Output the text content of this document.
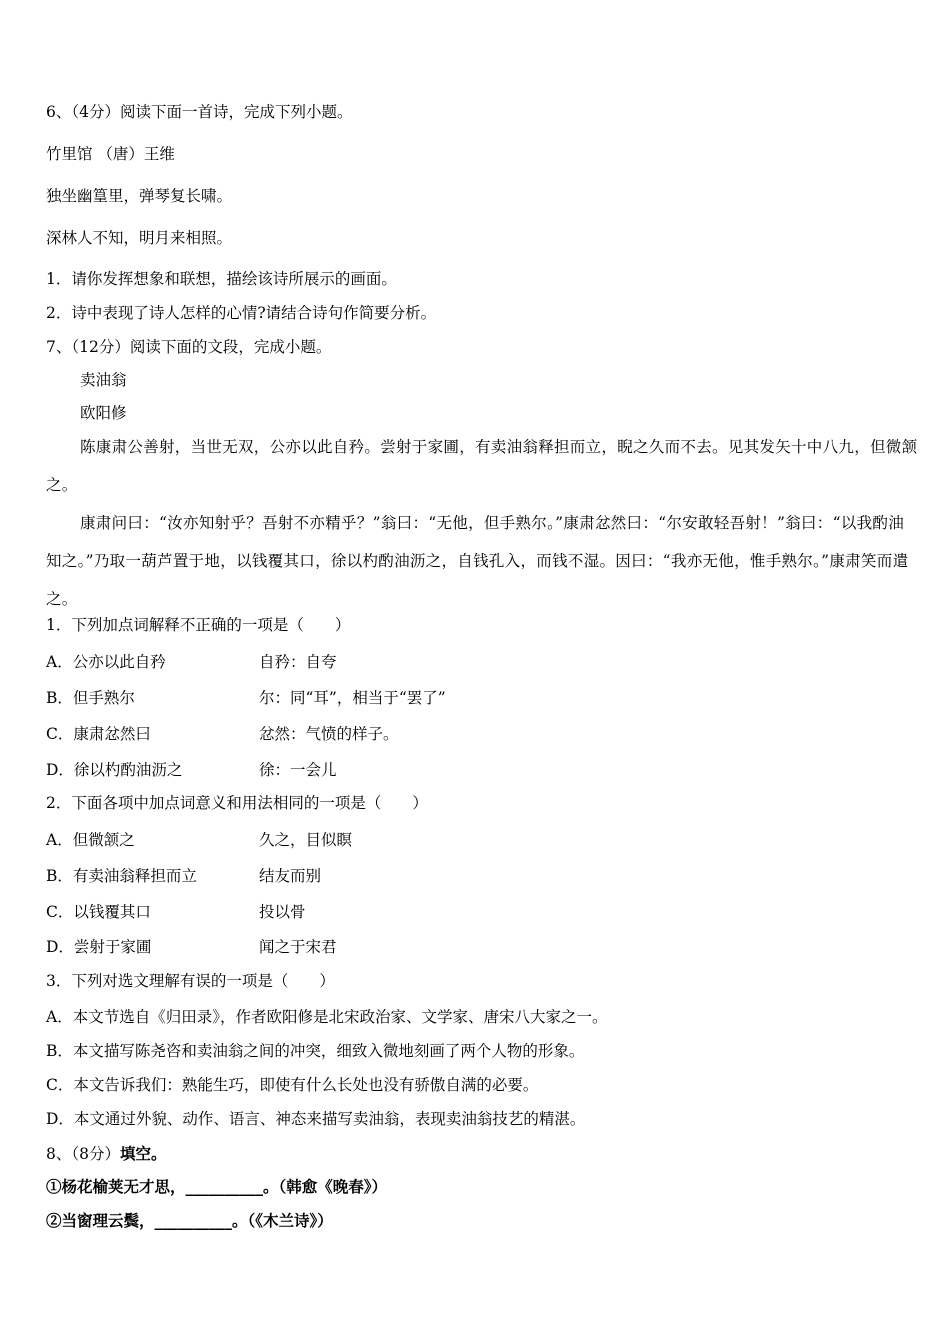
6、（4分）阅读下面一首诗，完成下列小题。
竹里馆 （唐）王维
独坐幽篁里，弹琴复长啸。
深林人不知，明月来相照。
1．请你发挥想象和联想，描绘该诗所展示的画面。
2．诗中表现了诗人怎样的心情?请结合诗句作简要分析。
7、（12分）阅读下面的文段，完成小题。
卖油翁
欧阳修

陈康肃公善射，当世无双，公亦以此自矜。尝射于家圃，有卖油翁释担而立，睨之久而不去。见其发矢十中八九，但微颔之。

康肃问曰：“汝亦知射乎？吾射不亦精乎？”翁曰：“无他，但手熟尔。”康肃忿然曰：“尔安敢轻吾射！”翁曰：“以我酌油知之。”乃取一葫芦置于地，以钱覆其口，徐以杓酌油沥之，自钱孔入，而钱不湿。因曰：“我亦无他，惟手熟尔。”康肃笑而遣之。

1．下列加点词解释不正确的一项是（　　）
A．公亦以此自矜	自矜：自夸
B．但手熟尔	尔：同“耳”，相当于“罢了”
C．康肃忿然曰	忿然：气愤的样子。
D．徐以杓酌油沥之	徐：一会儿
2．下面各项中加点词意义和用法相同的一项是（　　）
A．但微颔之	久之，目似瞑
B．有卖油翁释担而立	结友而别
C．以钱覆其口	投以骨
D．尝射于家圃	闻之于宋君
3．下列对选文理解有误的一项是（　　）
A．本文节选自《归田录》，作者欧阳修是北宋政治家、文学家、唐宋八大家之一。
B．本文描写陈尧咨和卖油翁之间的冲突，细致入微地刻画了两个人物的形象。
C．本文告诉我们：熟能生巧，即使有什么长处也没有骄傲自满的必要。
D．本文通过外貌、动作、语言、神态来描写卖油翁，表现卖油翁技艺的精湛。
8、（8分）填空。
①杨花榆荚无才思，__________。（韩愈《晚春》）
②当窗理云鬓，__________。（《木兰诗》）
